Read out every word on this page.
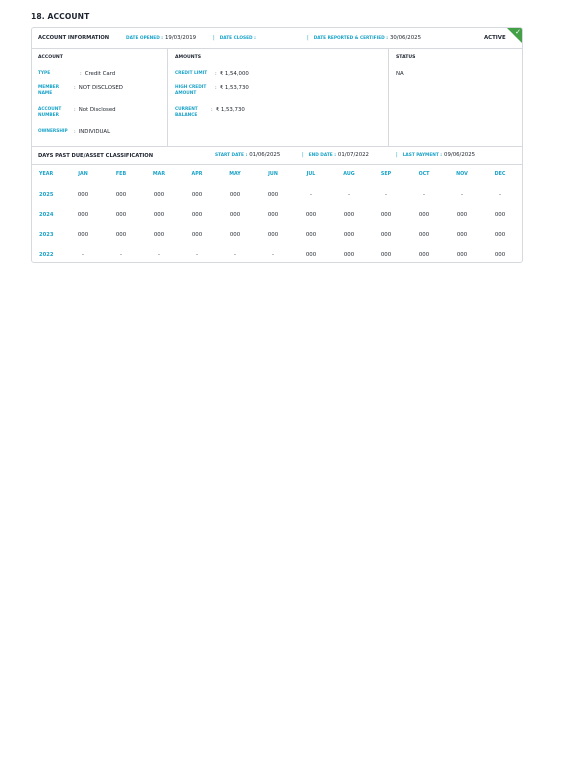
18. ACCOUNT
ACCOUNT INFORMATION	DATE OPENED : 19/03/2019	| DATE CLOSED :	| DATE REPORTED & CERTIFIED : 30/06/2025	ACTIVE
✓
ACCOUNT
TYPE	: Credit Card
MEMBER NAME
: NOT DISCLOSED
ACCOUNT NUMBER
: Not Disclosed
OWNERSHIP	: INDIVIDUAL
AMOUNTS
CREDIT LIMIT	: ₹ 1,54,000
HIGH CREDIT AMOUNT
: ₹ 1,53,730
CURRENT BALANCE
: ₹ 1,53,730
STATUS
NA
DAYS PAST DUE/ASSET CLASSIFICATION	START DATE : 01/06/2025	| END DATE : 01/07/2022	| LAST PAYMENT : 09/06/2025
YEAR	JAN	FEB	MAR	APR	MAY	JUN	JUL	AUG	SEP	OCT	NOV	DEC
2025	000	000	000	000	000	000	-	-	-	-	-	-
2024	000	000	000	000	000	000	000	000	000	000	000	000
2023	000	000	000	000	000	000	000	000	000	000	000	000
2022	-	-	-	-	-	-	000	000	000	000	000	000
